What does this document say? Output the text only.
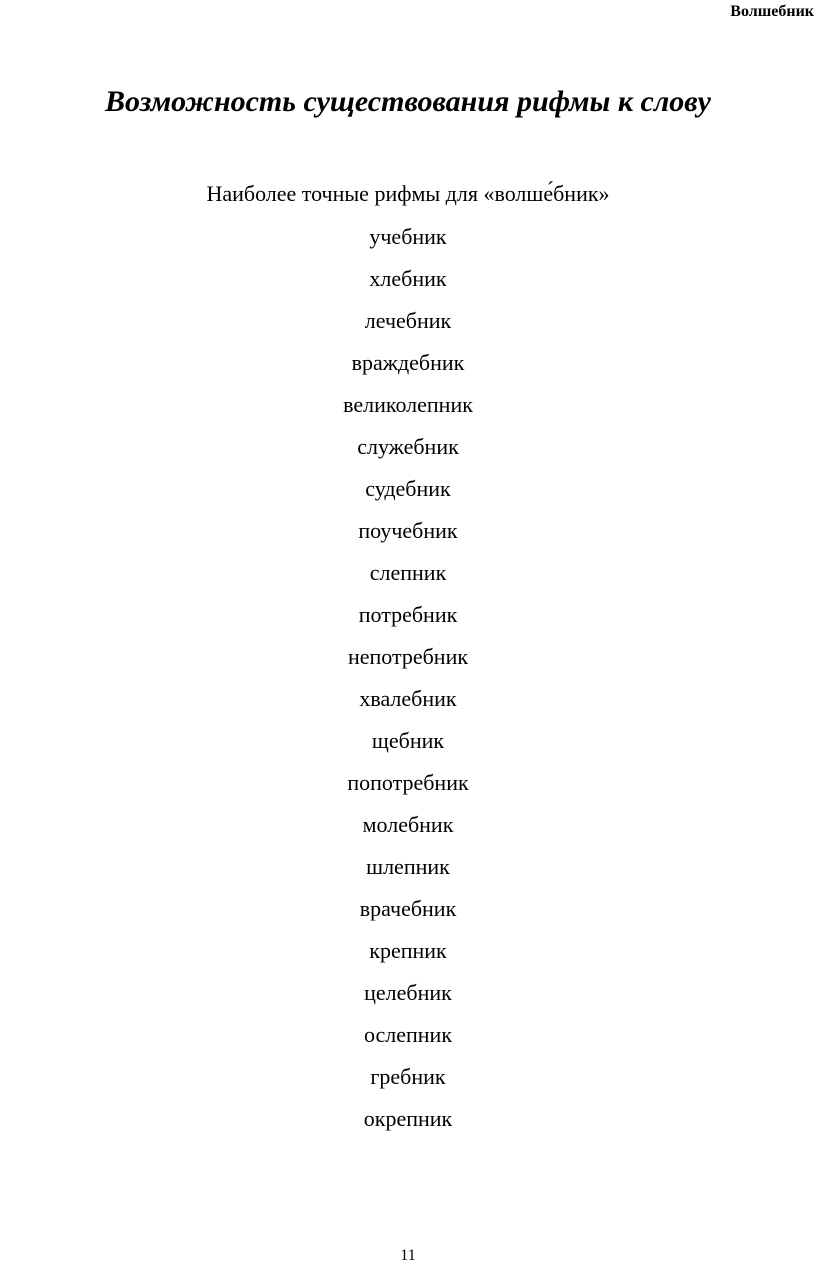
Волшебник
Возможность существования рифмы к слову
Наиболее точные рифмы для «волше́бник»
учебник
хлебник
лечебник
враждебник
великолепник
служебник
судебник
поучебник
слепник
потребник
непотребник
хвалебник
щебник
попотребник
молебник
шлепник
врачебник
крепник
целебник
ослепник
гребник
окрепник
11
